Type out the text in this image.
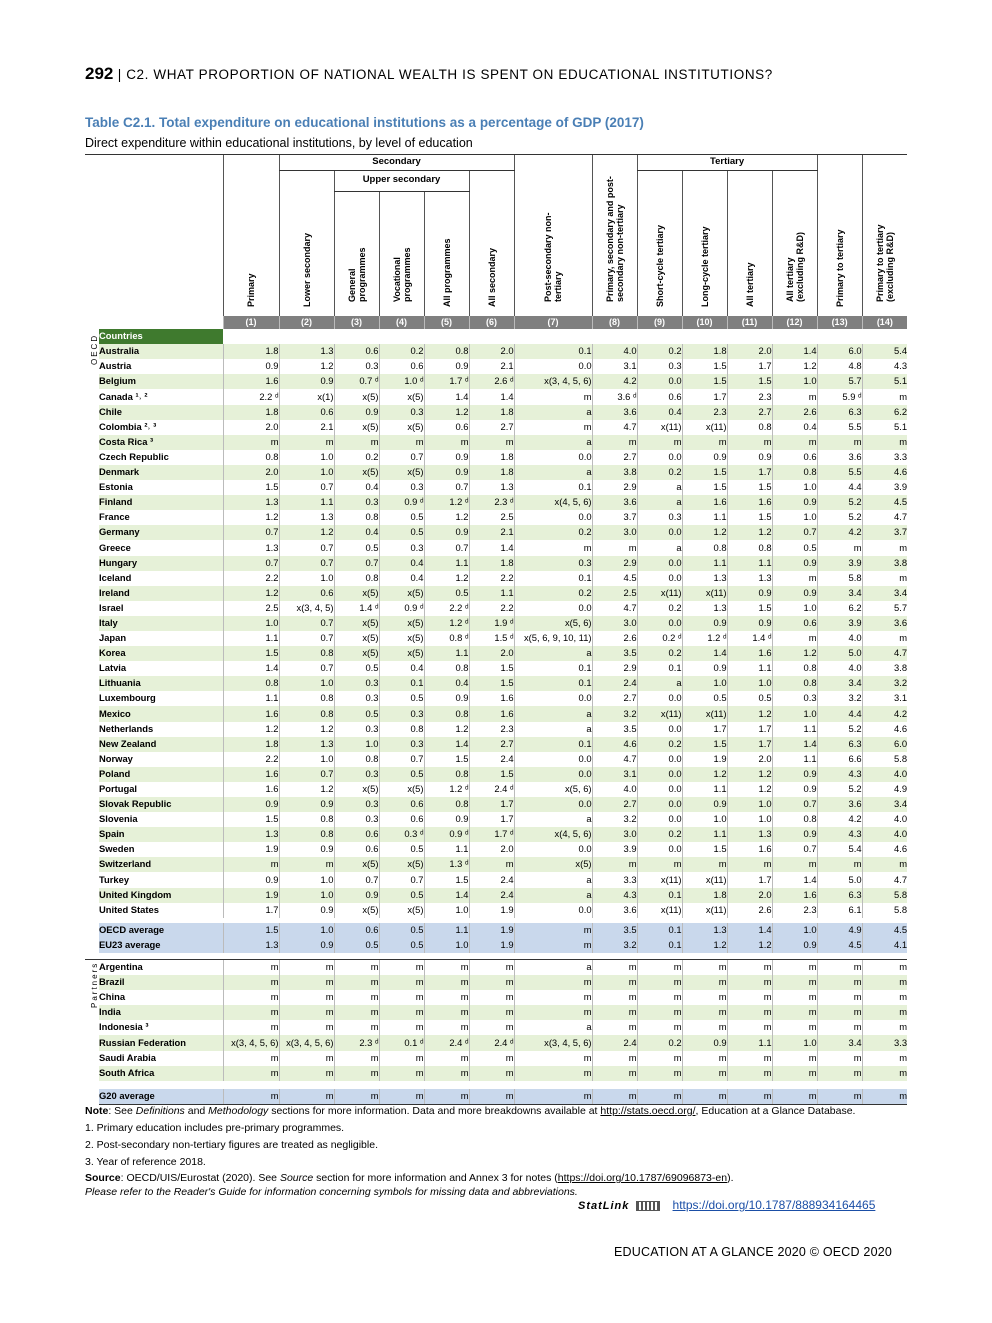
292 | C2. WHAT PROPORTION OF NATIONAL WEALTH IS SPENT ON EDUCATIONAL INSTITUTIONS?
Table C2.1. Total expenditure on educational institutions as a percentage of GDP (2017)
Direct expenditure within educational institutions, by level of education

		Primary	Secondary					Post-secondary non-tertiary	Primary, secondary and post-secondary non-tertiary	Tertiary				Primary to tertiary	Primary to tertiary (excluding R&D)

			Lower secondary	Upper secondary			All secondary			Short-cycle tertiary	Long-cycle tertiary	All tertiary	All tertiary (excluding R&D)		

				General programmes	Vocational programmes	All programmes									

		(1)	(2)	(3)	(4)	(5)	(6)	(7)	(8)	(9)	(10)	(11)	(12)	(13)	(14)

OECD	Countries														
	Australia	1.8	1.3	0.6	0.2	0.8	2.0	0.1	4.0	0.2	1.8	2.0	1.4	6.0	5.4
	Austria	0.9	1.2	0.3	0.6	0.9	2.1	0.0	3.1	0.3	1.5	1.7	1.2	4.8	4.3
	Belgium	1.6	0.9	0.7 ᵈ	1.0 ᵈ	1.7 ᵈ	2.6 ᵈ	x(3, 4, 5, 6)	4.2	0.0	1.5	1.5	1.0	5.7	5.1
	Canada ¹˒ ²	2.2 ᵈ	x(1)	x(5)	x(5)	1.4	1.4	m	3.6 ᵈ	0.6	1.7	2.3	m	5.9 ᵈ	m
	Chile	1.8	0.6	0.9	0.3	1.2	1.8	a	3.6	0.4	2.3	2.7	2.6	6.3	6.2
	Colombia ²˒ ³	2.0	2.1	x(5)	x(5)	0.6	2.7	m	4.7	x(11)	x(11)	0.8	0.4	5.5	5.1
	Costa Rica ³	m	m	m	m	m	m	a	m	m	m	m	m	m	m
	Czech Republic	0.8	1.0	0.2	0.7	0.9	1.8	0.0	2.7	0.0	0.9	0.9	0.6	3.6	3.3
	Denmark	2.0	1.0	x(5)	x(5)	0.9	1.8	a	3.8	0.2	1.5	1.7	0.8	5.5	4.6
	Estonia	1.5	0.7	0.4	0.3	0.7	1.3	0.1	2.9	a	1.5	1.5	1.0	4.4	3.9
	Finland	1.3	1.1	0.3	0.9 ᵈ	1.2 ᵈ	2.3 ᵈ	x(4, 5, 6)	3.6	a	1.6	1.6	0.9	5.2	4.5
	France	1.2	1.3	0.8	0.5	1.2	2.5	0.0	3.7	0.3	1.1	1.5	1.0	5.2	4.7
	Germany	0.7	1.2	0.4	0.5	0.9	2.1	0.2	3.0	0.0	1.2	1.2	0.7	4.2	3.7
	Greece	1.3	0.7	0.5	0.3	0.7	1.4	m	m	a	0.8	0.8	0.5	m	m
	Hungary	0.7	0.7	0.7	0.4	1.1	1.8	0.3	2.9	0.0	1.1	1.1	0.9	3.9	3.8
	Iceland	2.2	1.0	0.8	0.4	1.2	2.2	0.1	4.5	0.0	1.3	1.3	m	5.8	m
	Ireland	1.2	0.6	x(5)	x(5)	0.5	1.1	0.2	2.5	x(11)	x(11)	0.9	0.9	3.4	3.4
	Israel	2.5	x(3, 4, 5)	1.4 ᵈ	0.9 ᵈ	2.2 ᵈ	2.2	0.0	4.7	0.2	1.3	1.5	1.0	6.2	5.7
	Italy	1.0	0.7	x(5)	x(5)	1.2 ᵈ	1.9 ᵈ	x(5, 6)	3.0	0.0	0.9	0.9	0.6	3.9	3.6
	Japan	1.1	0.7	x(5)	x(5)	0.8 ᵈ	1.5 ᵈ	x(5, 6, 9, 10, 11)	2.6	0.2 ᵈ	1.2 ᵈ	1.4 ᵈ	m	4.0	m
	Korea	1.5	0.8	x(5)	x(5)	1.1	2.0	a	3.5	0.2	1.4	1.6	1.2	5.0	4.7
	Latvia	1.4	0.7	0.5	0.4	0.8	1.5	0.1	2.9	0.1	0.9	1.1	0.8	4.0	3.8
	Lithuania	0.8	1.0	0.3	0.1	0.4	1.5	0.1	2.4	a	1.0	1.0	0.8	3.4	3.2
	Luxembourg	1.1	0.8	0.3	0.5	0.9	1.6	0.0	2.7	0.0	0.5	0.5	0.3	3.2	3.1
	Mexico	1.6	0.8	0.5	0.3	0.8	1.6	a	3.2	x(11)	x(11)	1.2	1.0	4.4	4.2
	Netherlands	1.2	1.2	0.3	0.8	1.2	2.3	a	3.5	0.0	1.7	1.7	1.1	5.2	4.6
	New Zealand	1.8	1.3	1.0	0.3	1.4	2.7	0.1	4.6	0.2	1.5	1.7	1.4	6.3	6.0
	Norway	2.2	1.0	0.8	0.7	1.5	2.4	0.0	4.7	0.0	1.9	2.0	1.1	6.6	5.8
	Poland	1.6	0.7	0.3	0.5	0.8	1.5	0.0	3.1	0.0	1.2	1.2	0.9	4.3	4.0
	Portugal	1.6	1.2	x(5)	x(5)	1.2 ᵈ	2.4 ᵈ	x(5, 6)	4.0	0.0	1.1	1.2	0.9	5.2	4.9
	Slovak Republic	0.9	0.9	0.3	0.6	0.8	1.7	0.0	2.7	0.0	0.9	1.0	0.7	3.6	3.4
	Slovenia	1.5	0.8	0.3	0.6	0.9	1.7	a	3.2	0.0	1.0	1.0	0.8	4.2	4.0
	Spain	1.3	0.8	0.6	0.3 ᵈ	0.9 ᵈ	1.7 ᵈ	x(4, 5, 6)	3.0	0.2	1.1	1.3	0.9	4.3	4.0
	Sweden	1.9	0.9	0.6	0.5	1.1	2.0	0.0	3.9	0.0	1.5	1.6	0.7	5.4	4.6
	Switzerland	m	m	x(5)	x(5)	1.3 ᵈ	m	x(5)	m	m	m	m	m	m	m
	Turkey	0.9	1.0	0.7	0.7	1.5	2.4	a	3.3	x(11)	x(11)	1.7	1.4	5.0	4.7
	United Kingdom	1.9	1.0	0.9	0.5	1.4	2.4	a	4.3	0.1	1.8	2.0	1.6	6.3	5.8
	United States	1.7	0.9	x(5)	x(5)	1.0	1.9	0.0	3.6	x(11)	x(11)	2.6	2.3	6.1	5.8

	OECD average	1.5	1.0	0.6	0.5	1.1	1.9	m	3.5	0.1	1.3	1.4	1.0	4.9	4.5
	EU23 average	1.3	0.9	0.5	0.5	1.0	1.9	m	3.2	0.1	1.2	1.2	0.9	4.5	4.1

Partners	Argentina	m	m	m	m	m	m	a	m	m	m	m	m	m	m
	Brazil	m	m	m	m	m	m	m	m	m	m	m	m	m	m
	China	m	m	m	m	m	m	m	m	m	m	m	m	m	m
	India	m	m	m	m	m	m	m	m	m	m	m	m	m	m
	Indonesia ³	m	m	m	m	m	m	a	m	m	m	m	m	m	m
	Russian Federation	x(3, 4, 5, 6)	x(3, 4, 5, 6)	2.3 ᵈ	0.1 ᵈ	2.4 ᵈ	2.4 ᵈ	x(3, 4, 5, 6)	2.4	0.2	0.9	1.1	1.0	3.4	3.3
	Saudi Arabia	m	m	m	m	m	m	m	m	m	m	m	m	m	m
	South Africa	m	m	m	m	m	m	m	m	m	m	m	m	m	m

	G20 average	m	m	m	m	m	m	m	m	m	m	m	m	m	m
Note: See Definitions and Methodology sections for more information. Data and more breakdowns available at http://stats.oecd.org/, Education at a Glance Database.
1. Primary education includes pre-primary programmes.
2. Post-secondary non-tertiary figures are treated as negligible.
3. Year of reference 2018.
Source: OECD/UIS/Eurostat (2020). See Source section for more information and Annex 3 for notes (https://doi.org/10.1787/69096873-en).
Please refer to the Reader's Guide for information concerning symbols for missing data and abbreviations.
StatLink	https://doi.org/10.1787/888934164465
EDUCATION AT A GLANCE 2020 © OECD 2020
